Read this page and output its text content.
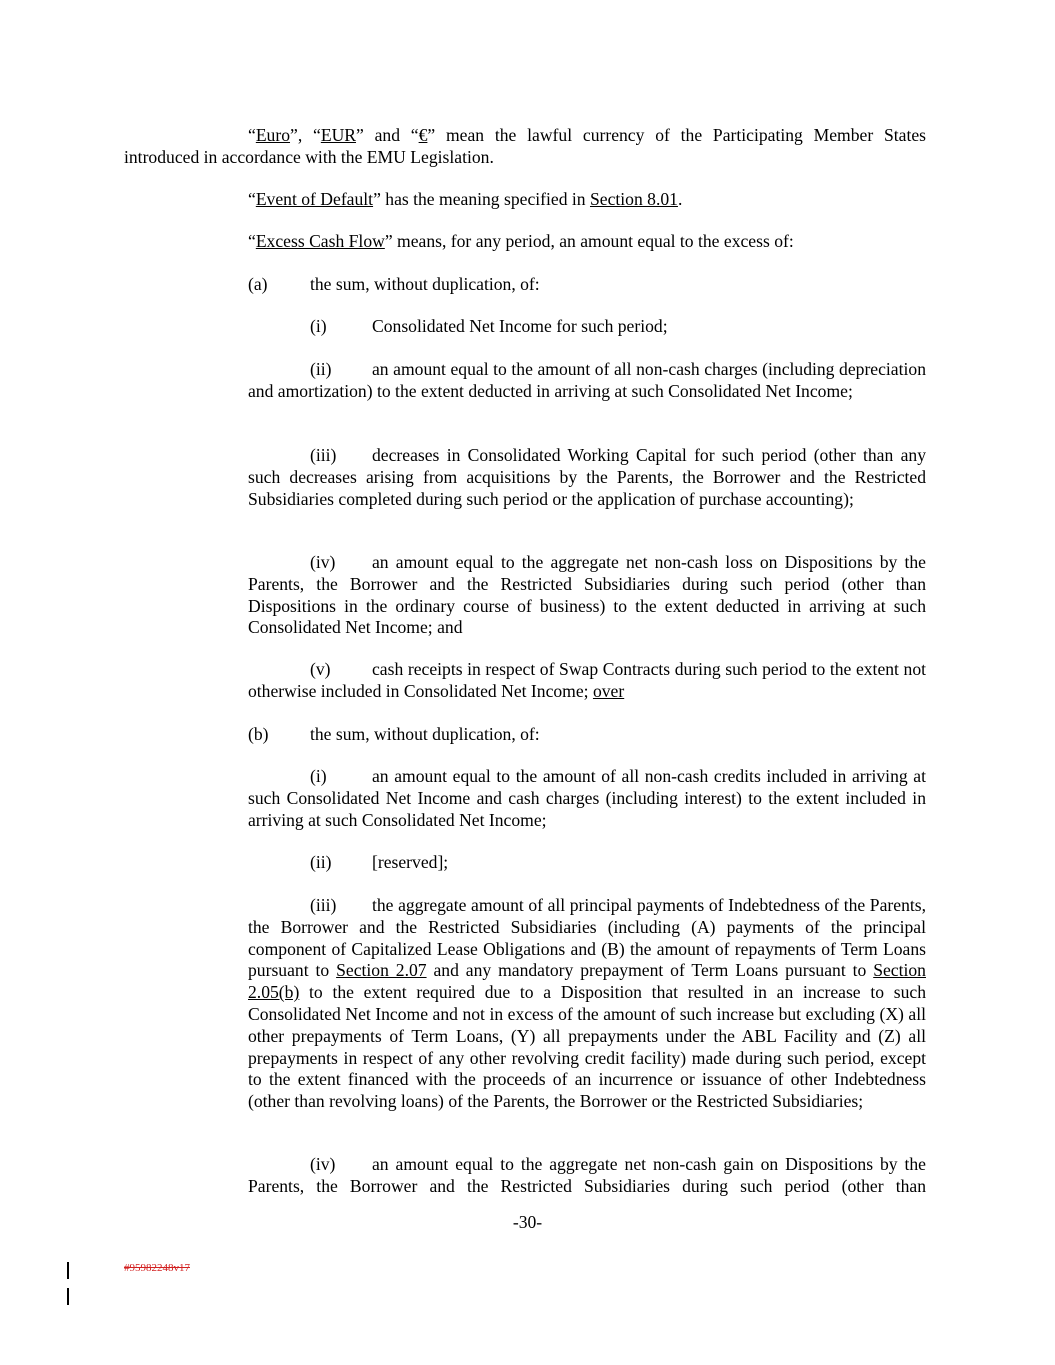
“Euro”, “EUR” and “€” mean the lawful currency of the Participating Member States introduced in accordance with the EMU Legislation.

“Event of Default” has the meaning specified in Section 8.01.

“Excess Cash Flow” means, for any period, an amount equal to the excess of:

(a) the sum, without duplication, of:

(i)	Consolidated Net Income for such period;

(ii) an amount equal to the amount of all non-cash charges (including depreciation and amortization) to the extent deducted in arriving at such Consolidated Net Income;

(iii) decreases in Consolidated Working Capital for such period (other than any such decreases arising from acquisitions by the Parents, the Borrower and the Restricted Subsidiaries completed during such period or the application of purchase accounting);

(iv) an amount equal to the aggregate net non-cash loss on Dispositions by the Parents, the Borrower and the Restricted Subsidiaries during such period (other than Dispositions in the ordinary course of business) to the extent deducted in arriving at such Consolidated Net Income; and

(v) cash receipts in respect of Swap Contracts during such period to the extent not otherwise included in Consolidated Net Income; over

(b) the sum, without duplication, of:

(i)	an amount equal to the amount of all non-cash credits included in arriving at such Consolidated Net Income and cash charges (including interest) to the extent included in arriving at such Consolidated Net Income;

(ii) [reserved];

(iii) the aggregate amount of all principal payments of Indebtedness of the Parents, the Borrower and the Restricted Subsidiaries (including (A) payments of the principal component of Capitalized Lease Obligations and (B) the amount of repayments of Term Loans pursuant to Section 2.07 and any mandatory prepayment of Term Loans pursuant to Section 2.05(b) to the extent required due to a Disposition that resulted in an increase to such Consolidated Net Income and not in excess of the amount of such increase but excluding (X) all other prepayments of Term Loans, (Y) all prepayments under the ABL Facility and (Z) all prepayments in respect of any other revolving credit facility) made during such period, except to the extent financed with the proceeds of an incurrence or issuance of other Indebtedness (other than revolving loans) of the Parents, the Borrower or the Restricted Subsidiaries;

(iv) an amount equal to the aggregate net non-cash gain on Dispositions by the Parents, the Borrower and the Restricted Subsidiaries during such period (other than

-30-
#95982248v17
